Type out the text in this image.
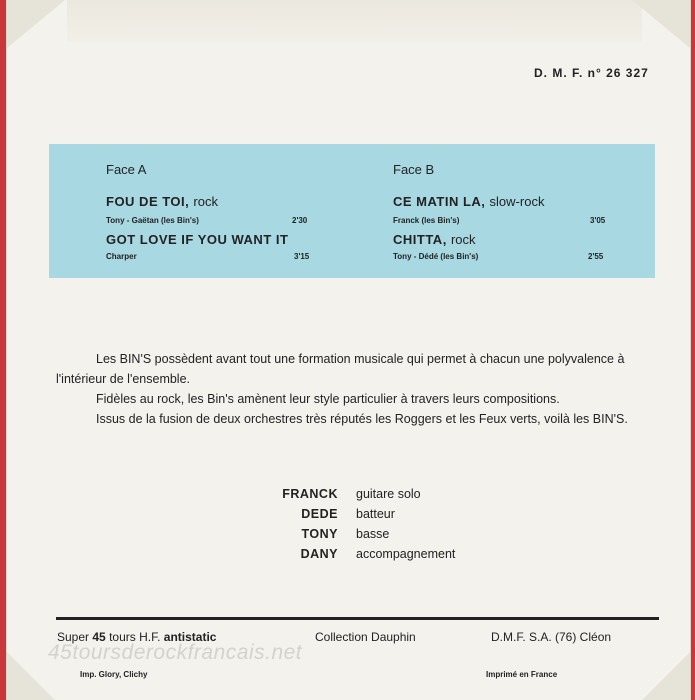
D. M. F. n° 26 327
Face A
FOU DE TOI, rock
Tony - Gaëtan (les Bin's)	2'30
GOT LOVE IF YOU WANT IT
Charper	3'15
Face B
CE MATIN LA, slow-rock
Franck (les Bin's)	3'05
CHITTA, rock
Tony - Dédé (les Bin's)	2'55

Les BIN'S possèdent avant tout une formation musicale qui permet à chacun une polyvalence à l'intérieur de l'ensemble.

Fidèles au rock, les Bin's amènent leur style particulier à travers leurs compositions.

Issus de la fusion de deux orchestres très réputés les Roggers et les Feux verts, voilà les BIN'S.

FRANCK guitare solo
DEDE batteur
TONY basse
DANY accompagnement
Super 45 tours H.F. antistatic	Collection Dauphin	D.M.F. S.A. (76) Cléon
45toursderockfrancais.net
Imp. Glory, Clichy	Imprimé en France
